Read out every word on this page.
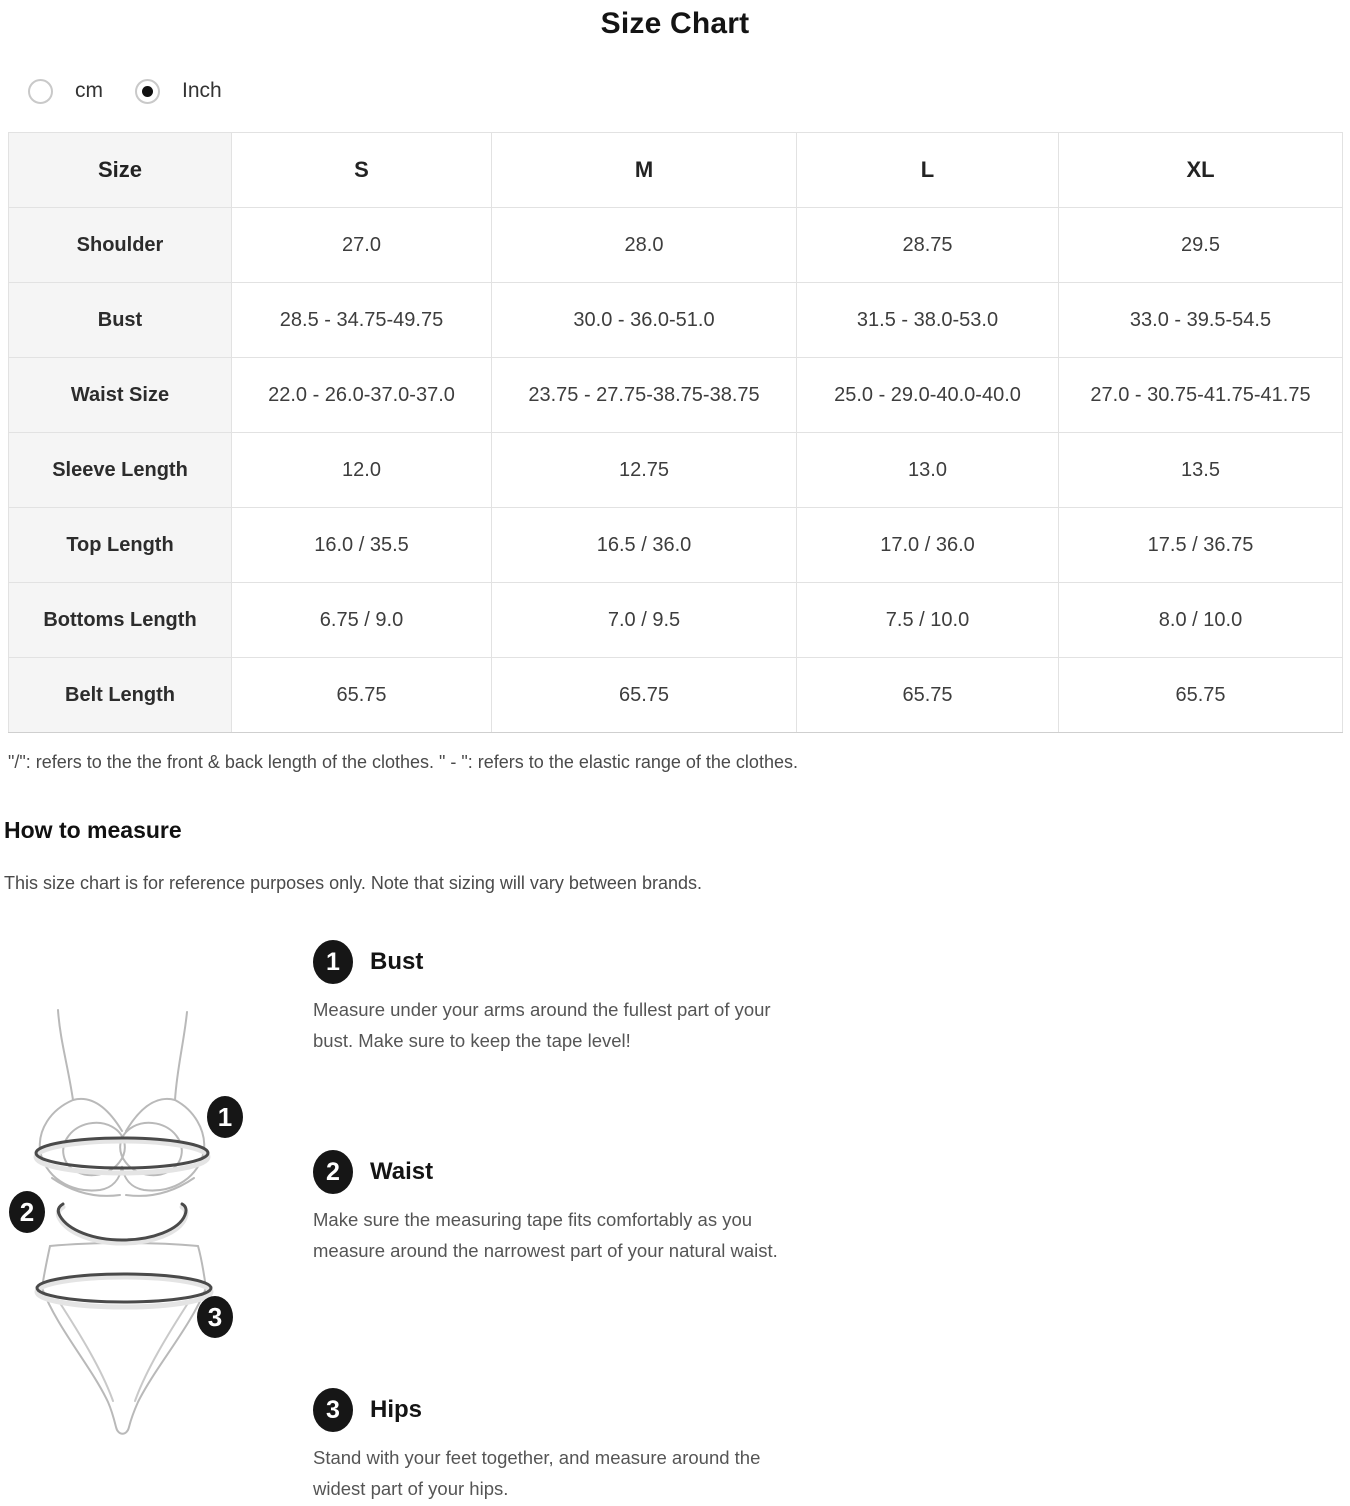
Size Chart
cm	Inch
Size	S	M	L	XL
Shoulder	27.0	28.0	28.75	29.5
Bust	28.5 - 34.75-49.75	30.0 - 36.0-51.0	31.5 - 38.0-53.0	33.0 - 39.5-54.5
Waist Size	22.0 - 26.0-37.0-37.0	23.75 - 27.75-38.75-38.75	25.0 - 29.0-40.0-40.0	27.0 - 30.75-41.75-41.75
Sleeve Length	12.0	12.75	13.0	13.5
Top Length	16.0 / 35.5	16.5 / 36.0	17.0 / 36.0	17.5 / 36.75
Bottoms Length	6.75 / 9.0	7.0 / 9.5	7.5 / 10.0	8.0 / 10.0
Belt Length	65.75	65.75	65.75	65.75
"/": refers to the the front & back length of the clothes. " - ": refers to the elastic range of the clothes.
How to measure
This size chart is for reference purposes only. Note that sizing will vary between brands.
1
2
3
1	Bust
Measure under your arms around the fullest part of your bust. Make sure to keep the tape level!
2	Waist
Make sure the measuring tape fits comfortably as you measure around the narrowest part of your natural waist.
3	Hips
Stand with your feet together, and measure around the widest part of your hips.
